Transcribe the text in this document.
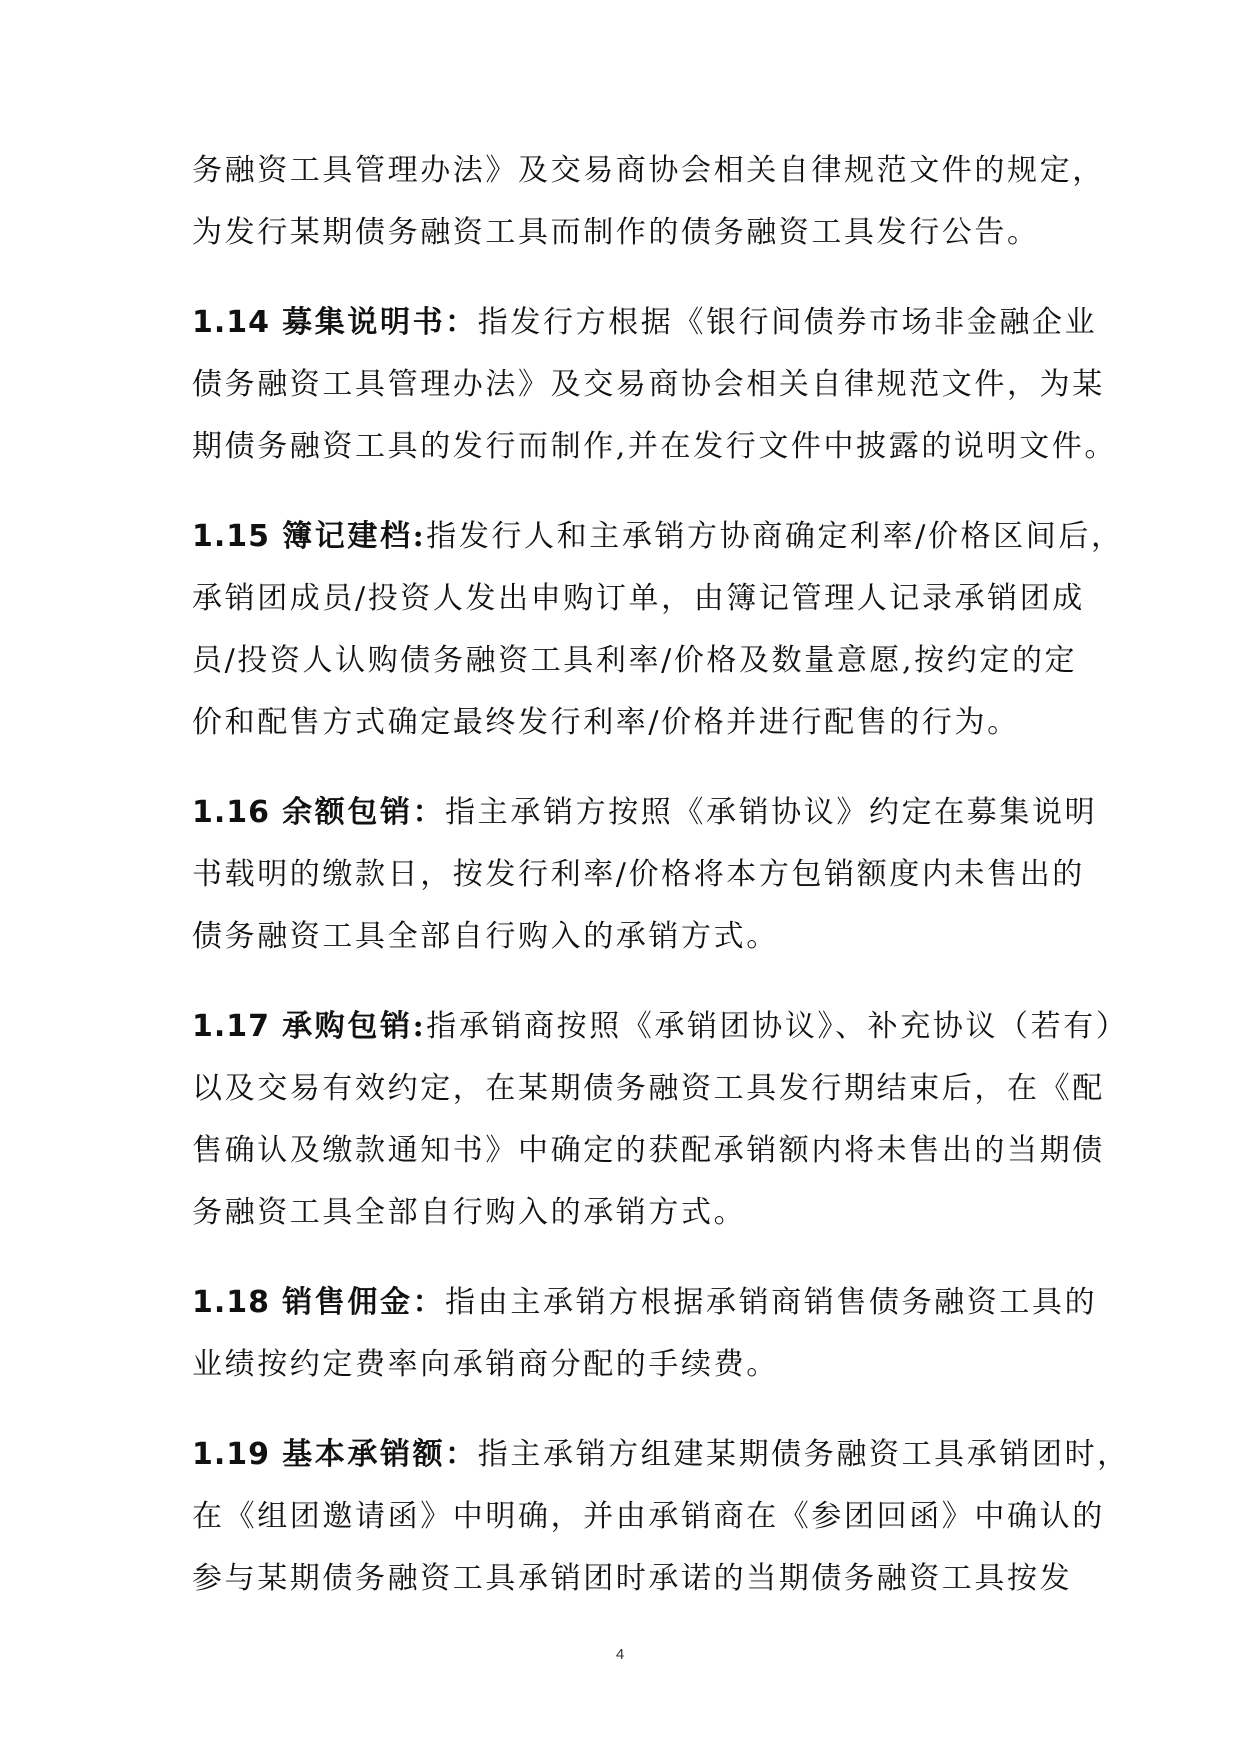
务融资工具管理办法》及交易商协会相关自律规范文件的规定，
为发行某期债务融资工具而制作的债务融资工具发行公告。
1.14 募集说明书：指发行方根据《银行间债券市场非金融企业
债务融资工具管理办法》及交易商协会相关自律规范文件，为某
期债务融资工具的发行而制作,并在发行文件中披露的说明文件。
1.15 簿记建档:指发行人和主承销方协商确定利率/价格区间后，
承销团成员/投资人发出申购订单，由簿记管理人记录承销团成
员/投资人认购债务融资工具利率/价格及数量意愿,按约定的定
价和配售方式确定最终发行利率/价格并进行配售的行为。
1.16 余额包销：指主承销方按照《承销协议》约定在募集说明
书载明的缴款日，按发行利率/价格将本方包销额度内未售出的
债务融资工具全部自行购入的承销方式。
1.17 承购包销:指承销商按照《承销团协议》、补充协议（若有）
以及交易有效约定，在某期债务融资工具发行期结束后，在《配
售确认及缴款通知书》中确定的获配承销额内将未售出的当期债
务融资工具全部自行购入的承销方式。
1.18 销售佣金：指由主承销方根据承销商销售债务融资工具的
业绩按约定费率向承销商分配的手续费。
1.19 基本承销额：指主承销方组建某期债务融资工具承销团时，
在《组团邀请函》中明确，并由承销商在《参团回函》中确认的
参与某期债务融资工具承销团时承诺的当期债务融资工具按发
4
